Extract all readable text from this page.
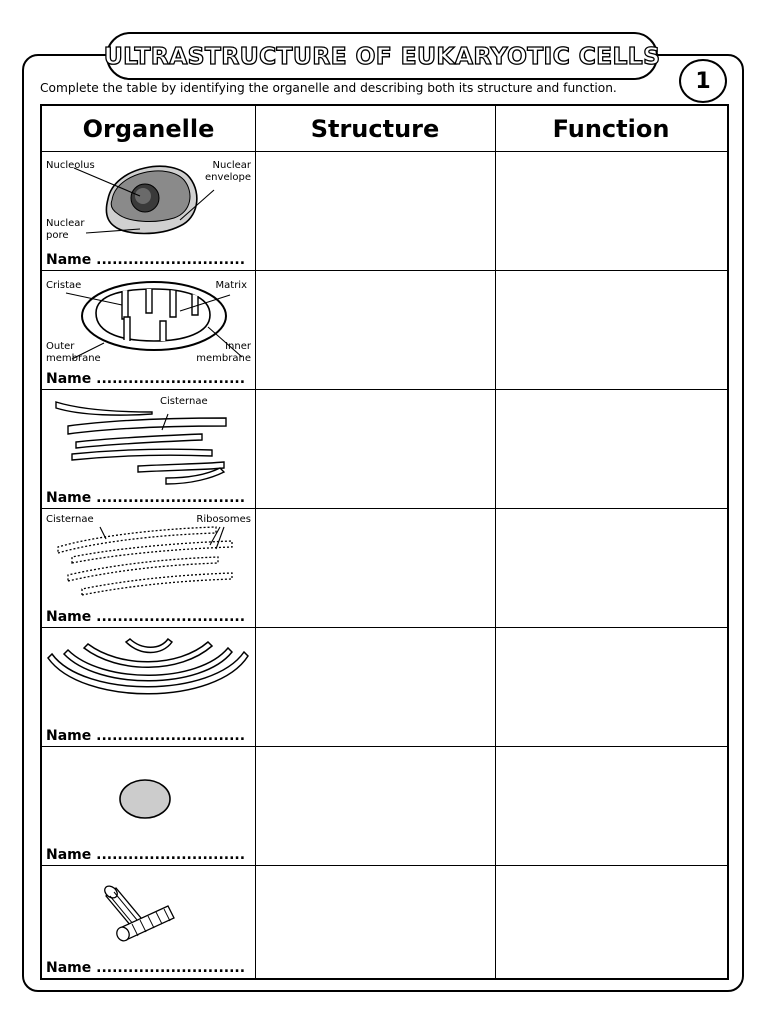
ULTRASTRUCTURE OF EUKARYOTIC CELLS
1
Complete the table by identifying the organelle and describing both its structure and function.
Organelle	Structure	Function
Nucleolus	Nuclear
envelope
Nuclear
pore
Name ............................
Cristae	Matrix
Outer
membrane
Inner
membrane
Name ............................
Cisternae
Name ............................
Cisternae	Ribosomes
Name ............................
Name ............................
Name ............................
Name ............................
